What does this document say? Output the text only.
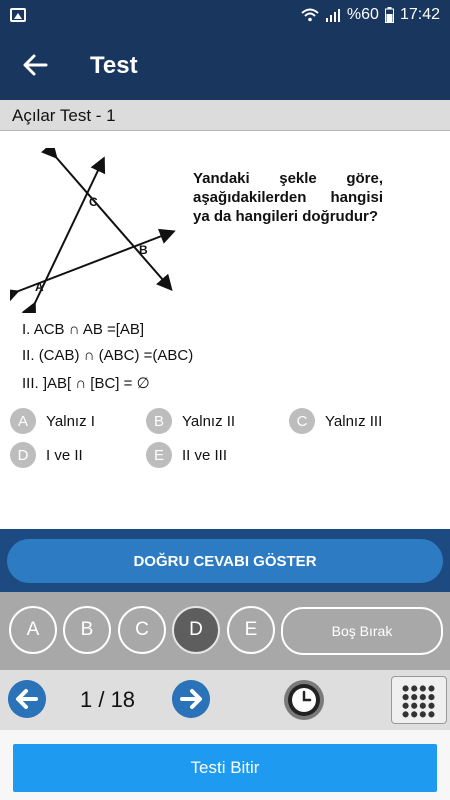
%60 17:42
Test
Açılar Test - 1
C
B
A
Yandaki şekle göre, aşağıdakilerden hangisi ya da hangileri doğrudur?
I. ACB ∩ AB =[AB]
II. (CAB) ∩ (ABC) =(ABC)
III. ]AB[ ∩ [BC] = ∅
A	Yalnız I	B	Yalnız II	C	Yalnız III
D	I ve II	E	II ve III
DOĞRU CEVABI GÖSTER
A	B	C	D	E	Boş Bırak
1 / 18
Testi Bitir
